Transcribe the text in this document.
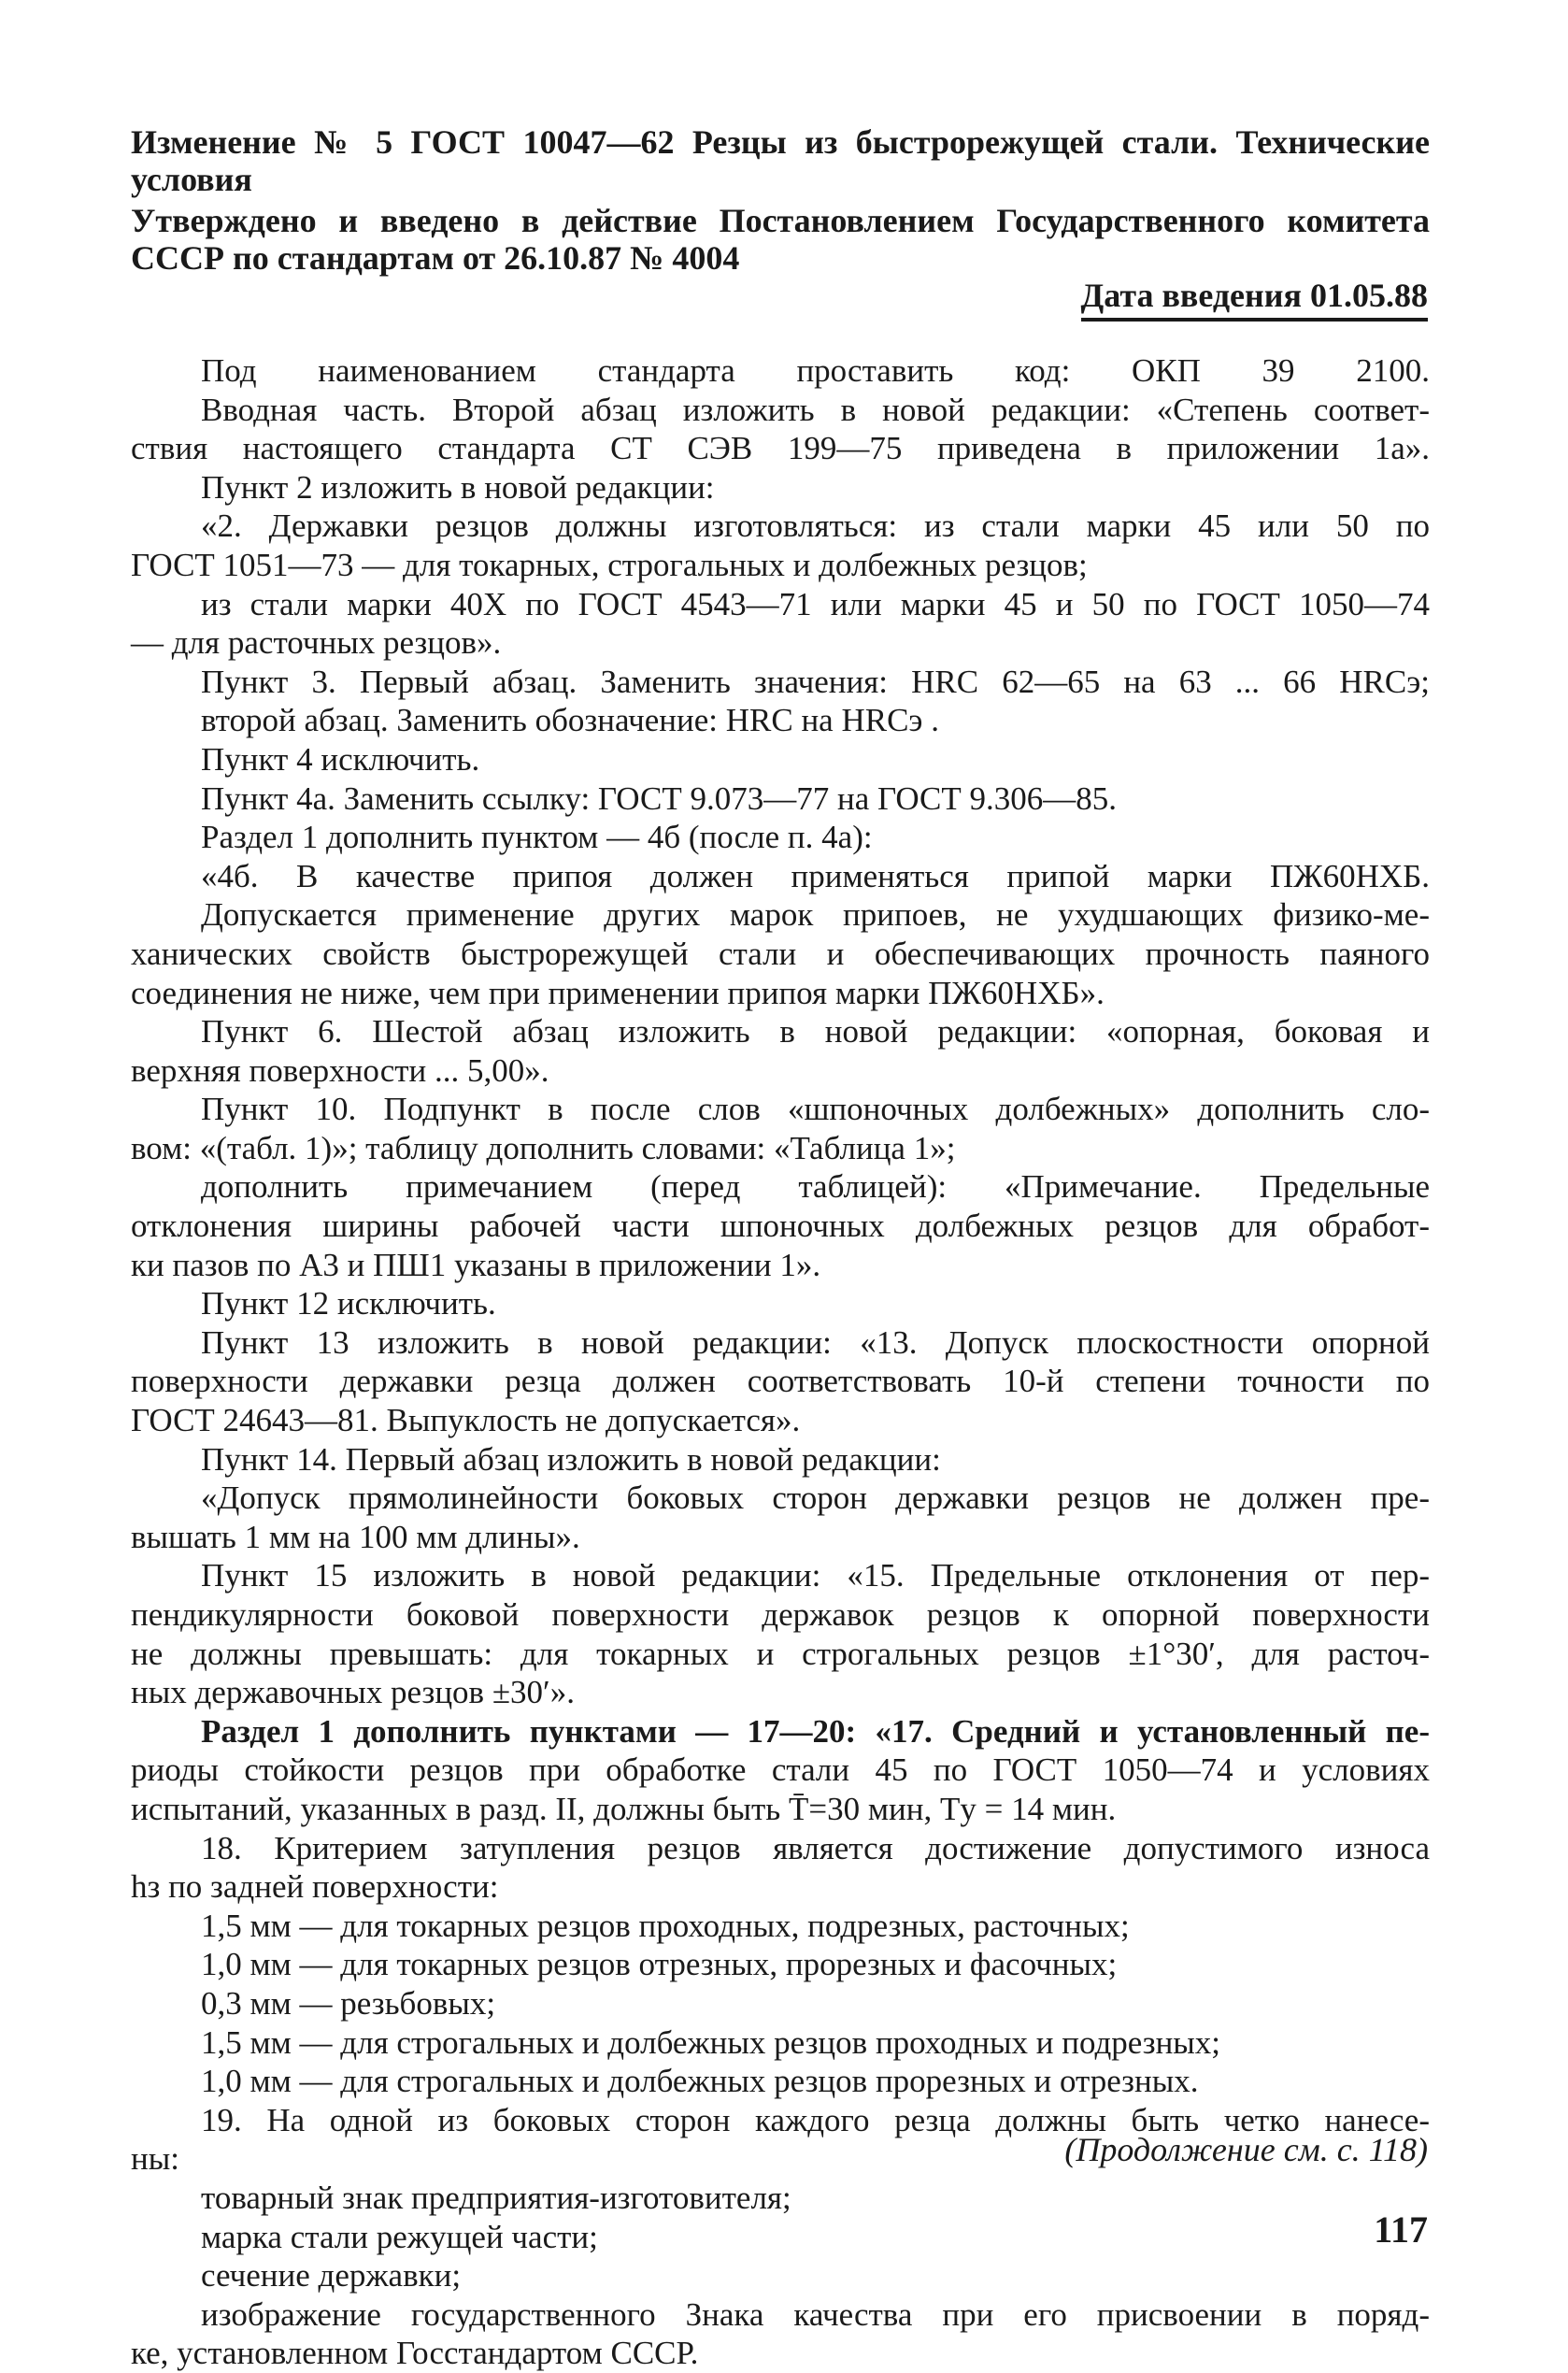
Изменение № 5 ГОСТ 10047—62 Резцы из быстрорежущей стали. Технические
условия
Утверждено и введено в действие Постановлением Государственного комитета
СССР по стандартам от 26.10.87 № 4004
Дата введения 01.05.88
Под наименованием стандарта проставить код: ОКП 39 2100.
Вводная часть. Второй абзац изложить в новой редакции: «Степень соответ-
ствия настоящего стандарта СТ СЭВ 199—75 приведена в приложении 1а».
Пункт 2 изложить в новой редакции:
«2. Державки резцов должны изготовляться: из стали марки 45 или 50 по
ГОСТ 1051—73 — для токарных, строгальных и долбежных резцов;
из стали марки 40Х по ГОСТ 4543—71 или марки 45 и 50 по ГОСТ 1050—74
— для расточных резцов».
Пункт 3. Первый абзац. Заменить значения: HRC 62—65 на 63 ... 66 HRCэ;
второй абзац. Заменить обозначение: HRC на HRCэ .
Пункт 4 исключить.
Пункт 4а. Заменить ссылку: ГОСТ 9.073—77 на ГОСТ 9.306—85.
Раздел 1 дополнить пунктом — 4б (после п. 4а):
«4б. В качестве припоя должен применяться припой марки ПЖ60НХБ.
Допускается применение других марок припоев, не ухудшающих физико-ме-
ханических свойств быстрорежущей стали и обеспечивающих прочность паяного
соединения не ниже, чем при применении припоя марки ПЖ60НХБ».
Пункт 6. Шестой абзац изложить в новой редакции: «опорная, боковая и
верхняя поверхности ... 5,00».
Пункт 10. Подпункт в после слов «шпоночных долбежных» дополнить сло-
вом: «(табл. 1)»; таблицу дополнить словами: «Таблица 1»;
дополнить примечанием (перед таблицей): «Примечание. Предельные
отклонения ширины рабочей части шпоночных долбежных резцов для обработ-
ки пазов по А3 и ПШ1 указаны в приложении 1».
Пункт 12 исключить.
Пункт 13 изложить в новой редакции: «13. Допуск плоскостности опорной
поверхности державки резца должен соответствовать 10-й степени точности по
ГОСТ 24643—81. Выпуклость не допускается».
Пункт 14. Первый абзац изложить в новой редакции:
«Допуск прямолинейности боковых сторон державки резцов не должен пре-
вышать 1 мм на 100 мм длины».
Пункт 15 изложить в новой редакции: «15. Предельные отклонения от пер-
пендикулярности боковой поверхности державок резцов к опорной поверхности
не должны превышать: для токарных и строгальных резцов ±1°30′, для расточ-
ных державочных резцов ±30′».
Раздел 1 дополнить пунктами — 17—20: «17. Средний и установленный пе-
риоды стойкости резцов при обработке стали 45 по ГОСТ 1050—74 и условиях
испытаний, указанных в разд. II, должны быть T̄=30 мин, Tу = 14 мин.
18. Критерием затупления резцов является достижение допустимого износа
hз по задней поверхности:
1,5 мм — для токарных резцов проходных, подрезных, расточных;
1,0 мм — для токарных резцов отрезных, прорезных и фасочных;
0,3 мм — резьбовых;
1,5 мм — для строгальных и долбежных резцов проходных и подрезных;
1,0 мм — для строгальных и долбежных резцов прорезных и отрезных.
19. На одной из боковых сторон каждого резца должны быть четко нанесе-
ны:
товарный знак предприятия-изготовителя;
марка стали режущей части;
сечение державки;
изображение государственного Знака качества при его присвоении в поряд-
ке, установленном Госстандартом СССР.
(Продолжение см. с. 118)
117
